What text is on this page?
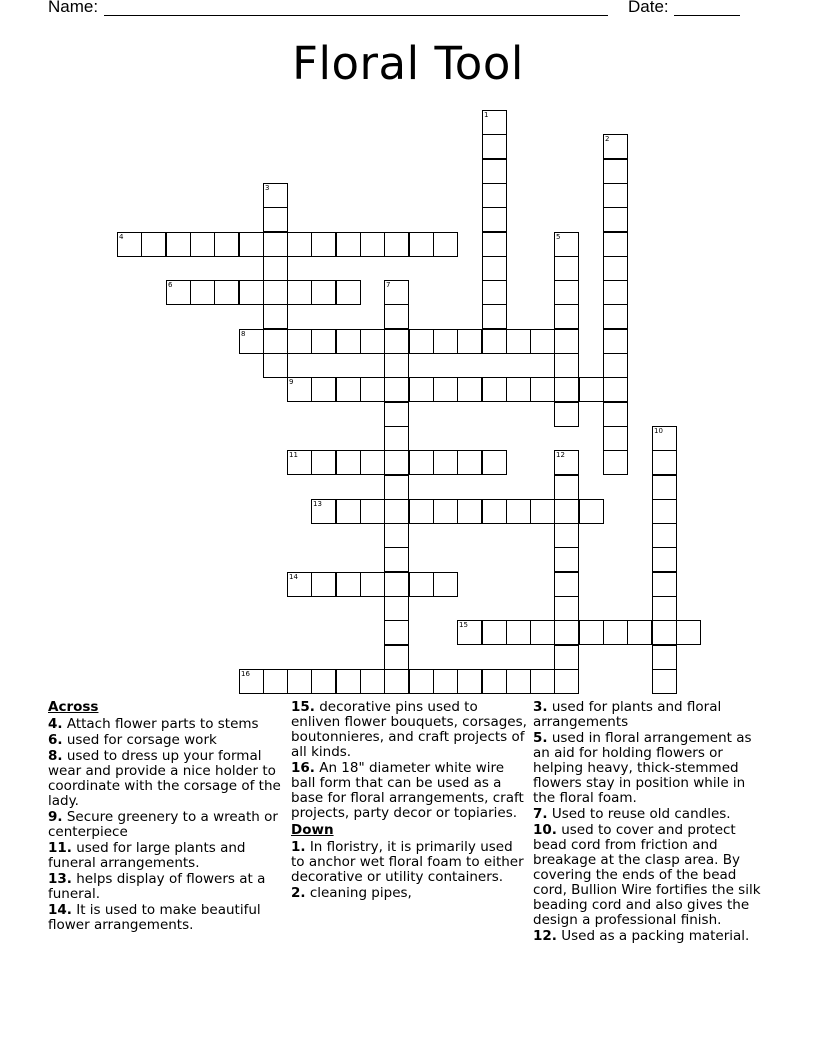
Name:	Date:
Floral Tool
1
2
3
4	5
6	7
8
9
10
11	12
13
14
15
16
Across
4. Attach flower parts to stems
6. used for corsage work
8. used to dress up your formal wear and provide a nice holder to coordinate with the corsage of the lady.
9. Secure greenery to a wreath or centerpiece
11. used for large plants and funeral arrangements.
13. helps display of flowers at a funeral.
14. It is used to make beautiful flower arrangements.
15. decorative pins used to enliven flower bouquets, corsages, boutonnieres, and craft projects of all kinds.
16. An 18" diameter white wire ball form that can be used as a base for floral arrangements, craft projects, party decor or topiaries.
Down
1. In floristry, it is primarily used to anchor wet floral foam to either decorative or utility containers.
2. cleaning pipes,
3. used for plants and floral arrangements
5. used in floral arrangement as an aid for holding flowers or helping heavy, thick-stemmed flowers stay in position while in the floral foam.
7. Used to reuse old candles.
10. used to cover and protect bead cord from friction and breakage at the clasp area. By covering the ends of the bead cord, Bullion Wire fortifies the silk beading cord and also gives the design a professional finish.
12. Used as a packing material.
